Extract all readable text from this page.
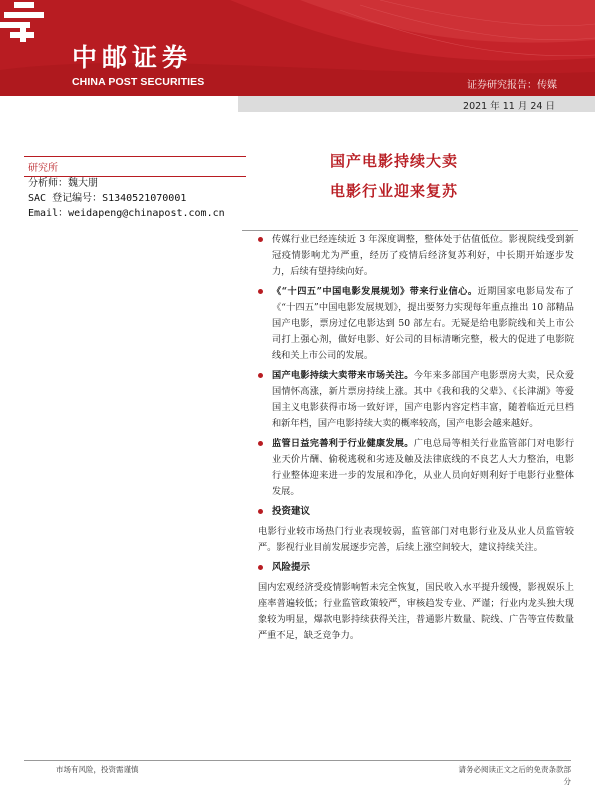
中邮证券
CHINA POST SECURITIES	证券研究报告：传媒
2021 年 11 月 24 日
研究所
分析师：魏大朋
SAC 登记编号：S1340521070001
Email：weidapeng@chinapost.com.cn
国产电影持续大卖
电影行业迎来复苏
传媒行业已经连续近 3 年深度调整，整体处于估值低位。影视院线受到新冠疫情影响尤为严重，经历了疫情后经济复苏利好，中长期开始逐步发力，后续有望持续向好。
《“十四五”中国电影发展规划》带来行业信心。近期国家电影局发布了《“十四五”中国电影发展规划》，提出要努力实现每年重点推出 10 部精品国产电影，票房过亿电影达到 50 部左右。无疑是给电影院线和关上市公司打上强心剂，做好电影、好公司的目标清晰完整，极大的促进了电影院线和关上市公司的发展。
国产电影持续大卖带来市场关注。今年来多部国产电影票房大卖，民众爱国情怀高涨，新片票房持续上涨。其中《我和我的父辈》、《长津湖》等爱国主义电影获得市场一致好评，国产电影内容定档丰富，随着临近元旦档和新年档，国产电影持续大卖的概率较高，国产电影会越来越好。
监管日益完善利于行业健康发展。广电总局等相关行业监管部门对电影行业天价片酬、偷税逃税和劣迹及触及法律底线的不良艺人大力整治，电影行业整体迎来进一步的发展和净化，从业人员向好则利好于电影行业整体发展。
投资建议
电影行业较市场热门行业表现较弱，监管部门对电影行业及从业人员监管较严。影视行业目前发展逐步完善，后续上涨空间较大，建议持续关注。
风险提示
国内宏观经济受疫情影响暂未完全恢复，国民收入水平提升缓慢，影视娱乐上座率普遍较低；行业监管政策较严，审核趋发专业、严谨；行业内龙头独大现象较为明显，爆款电影持续获得关注，普通影片数量、院线、广告等宣传数量严重不足，缺乏竞争力。
市场有风险，投资需谨慎	请务必阅读正文之后的免责条款部
分
